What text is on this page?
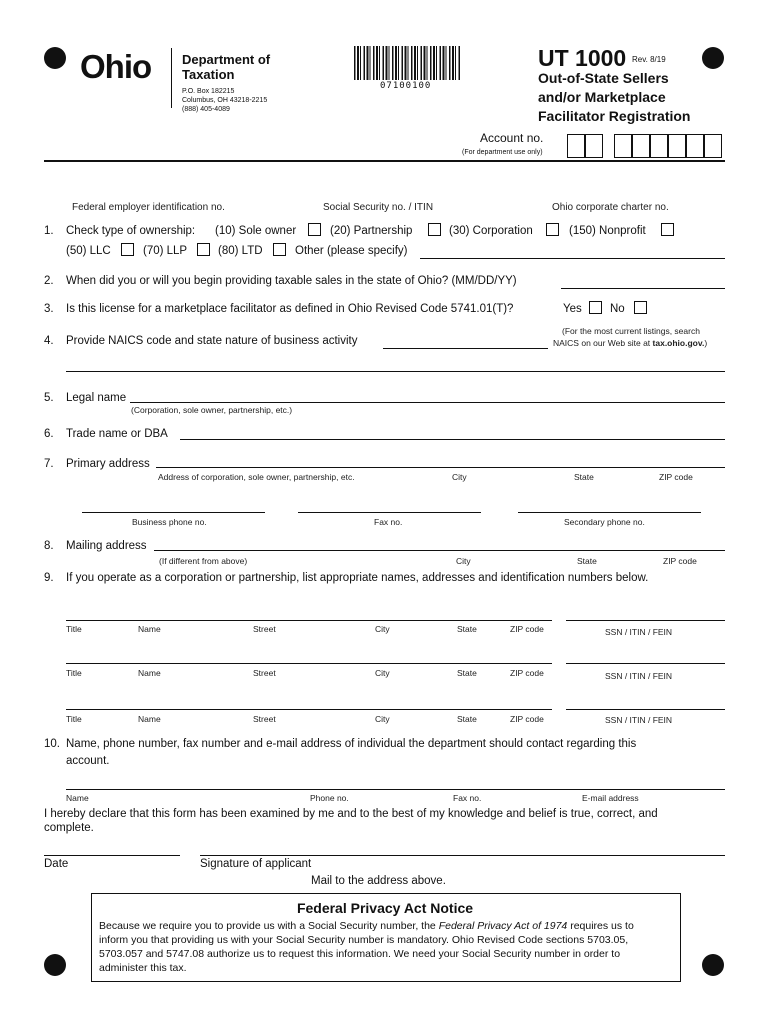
Ohio Department of
Taxation
P.O. Box 182215
Columbus, OH 43218-2215
(888) 405-4089
07100100
UT 1000 Rev. 8/19
Out-of-State Sellers
and/or Marketplace
Facilitator Registration
Account no.
(For department use only)
Federal employer identification no.	Social Security no. / ITIN	Ohio corporate charter no.
1. Check type of ownership: (10) Sole owner	(20) Partnership	(30) Corporation	(150) Nonprofit
(50) LLC	(70) LLP	(80) LTD	Other (please specify)
2. When did you or will you begin providing taxable sales in the state of Ohio? (MM/DD/YY)
3. Is this license for a marketplace facilitator as defined in Ohio Revised Code 5741.01(T)?	Yes No
4. Provide NAICS code and state nature of business activity
(For the most current listings, search
NAICS on our Web site at tax.ohio.gov.)
5. Legal name
(Corporation, sole owner, partnership, etc.)
6. Trade name or DBA
7. Primary address
Address of corporation, sole owner, partnership, etc.	City	State	ZIP code
Business phone no.	Fax no.	Secondary phone no.
8. Mailing address
(If different from above)	City	State	ZIP code
9. If you operate as a corporation or partnership, list appropriate names, addresses and identification numbers below.
Title	Name	Street	City	State	ZIP code	SSN / ITIN / FEIN
Title	Name	Street	City	State	ZIP code	SSN / ITIN / FEIN
Title	Name	Street	City	State	ZIP code	SSN / ITIN / FEIN
10. Name, phone number, fax number and e-mail address of individual the department should contact regarding this
account.
Name	Phone no.	Fax no.	E-mail address
I hereby declare that this form has been examined by me and to the best of my knowledge and belief is true, correct, and
complete.
Date	Signature of applicant
Mail to the address above.
Federal Privacy Act Notice
Because we require you to provide us with a Social Security number, the Federal Privacy Act of 1974 requires us to
inform you that providing us with your Social Security number is mandatory. Ohio Revised Code sections 5703.05,
5703.057 and 5747.08 authorize us to request this information. We need your Social Security number in order to
administer this tax.
